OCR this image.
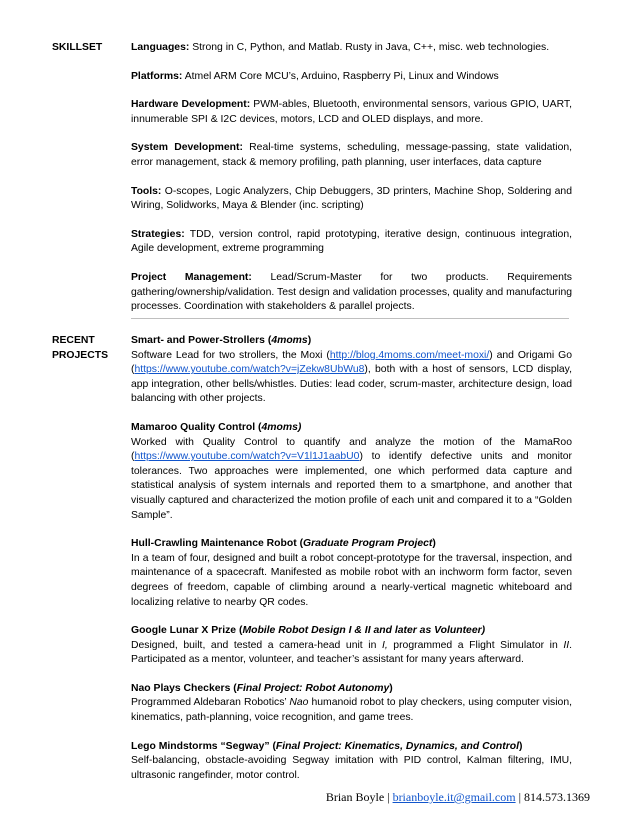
SKILLSET	Languages: Strong in C, Python, and Matlab. Rusty in Java, C++, misc. web technologies.

Platforms: Atmel ARM Core MCU’s, Arduino, Raspberry Pi, Linux and Windows

Hardware Development: PWM-ables, Bluetooth, environmental sensors, various GPIO, UART, innumerable SPI & I2C devices, motors, LCD and OLED displays, and more.

System Development: Real-time systems, scheduling, message-passing, state validation, error management, stack & memory profiling, path planning, user interfaces, data capture

Tools: O-scopes, Logic Analyzers, Chip Debuggers, 3D printers, Machine Shop, Soldering and Wiring, Solidworks, Maya & Blender (inc. scripting)

Strategies: TDD, version control, rapid prototyping, iterative design, continuous integration, Agile development, extreme programming

Project Management: Lead/Scrum-Master for two products. Requirements gathering/ownership/validation. Test design and validation processes, quality and manufacturing processes. Coordination with stakeholders & parallel projects.

RECENT
PROJECTS
Smart- and Power-Strollers (4moms)
Software Lead for two strollers, the Moxi (http://blog.4moms.com/meet-moxi/) and Origami Go (https://www.youtube.com/watch?v=jZekw8UbWu8), both with a host of sensors, LCD display, app integration, other bells/whistles. Duties: lead coder, scrum-master, architecture design, load balancing with other projects.
Mamaroo Quality Control (4moms)
Worked with Quality Control to quantify and analyze the motion of the MamaRoo (https://www.youtube.com/watch?v=V1l1J1aabU0) to identify defective units and monitor tolerances. Two approaches were implemented, one which performed data capture and statistical analysis of system internals and reported them to a smartphone, and another that visually captured and characterized the motion profile of each unit and compared it to a “Golden Sample”.
Hull-Crawling Maintenance Robot (Graduate Program Project)
In a team of four, designed and built a robot concept-prototype for the traversal, inspection, and maintenance of a spacecraft. Manifested as mobile robot with an inchworm form factor, seven degrees of freedom, capable of climbing around a nearly-vertical magnetic whiteboard and localizing relative to nearby QR codes.
Google Lunar X Prize (Mobile Robot Design I & II and later as Volunteer)
Designed, built, and tested a camera-head unit in I, programmed a Flight Simulator in II. Participated as a mentor, volunteer, and teacher’s assistant for many years afterward.
Nao Plays Checkers (Final Project: Robot Autonomy)
Programmed Aldebaran Robotics’ Nao humanoid robot to play checkers, using computer vision, kinematics, path-planning, voice recognition, and game trees.
Lego Mindstorms “Segway” (Final Project: Kinematics, Dynamics, and Control)
Self-balancing, obstacle-avoiding Segway imitation with PID control, Kalman filtering, IMU, ultrasonic rangefinder, motor control.
Brian Boyle | brianboyle.it@gmail.com | 814.573.1369
